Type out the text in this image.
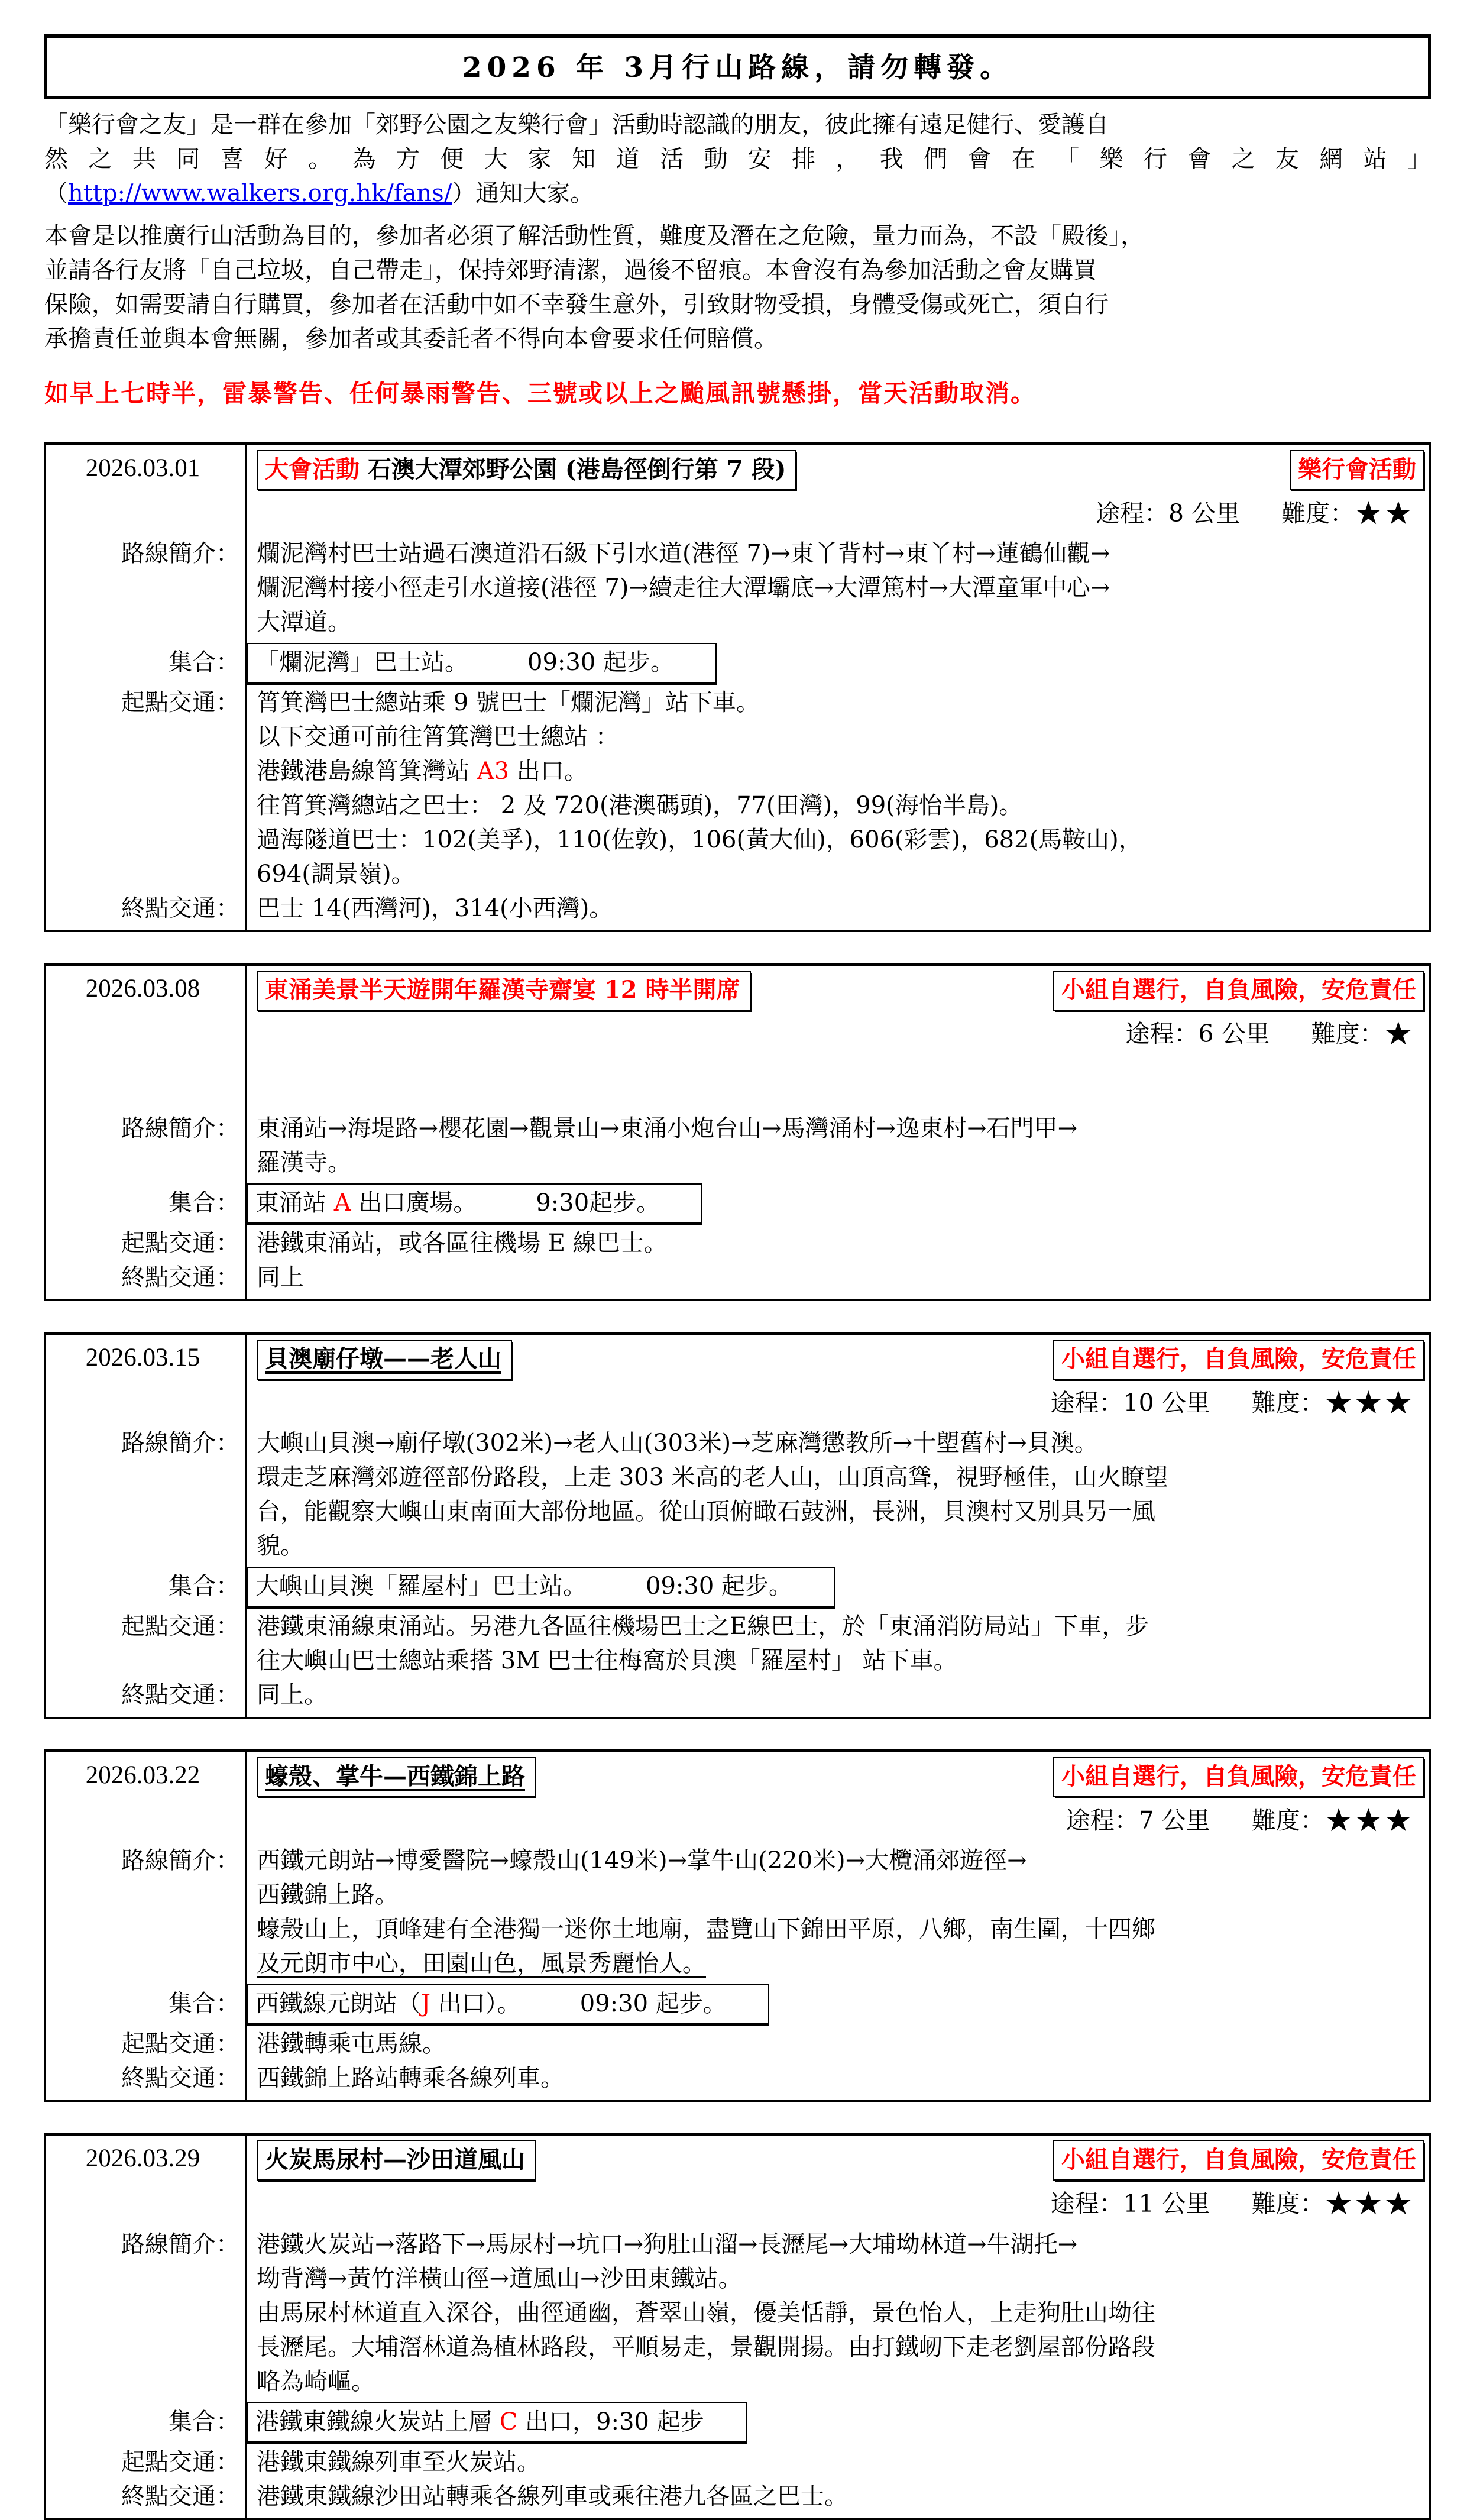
2026 年 3月行山路線，請勿轉發。
「樂行會之友」是一群在參加「郊野公園之友樂行會」活動時認識的朋友，彼此擁有遠足健行、愛護自
然之共同喜好。為方便大家知道活動安排，我們會在「樂行會之友網站」
（http://www.walkers.org.hk/fans/）通知大家。
本會是以推廣行山活動為目的，參加者必須了解活動性質，難度及潛在之危險，量力而為，不設「殿後」，
並請各行友將「自己垃圾，自己帶走」，保持郊野清潔，過後不留痕。本會沒有為參加活動之會友購買
保險，如需要請自行購買，參加者在活動中如不幸發生意外，引致財物受損，身體受傷或死亡，須自行
承擔責任並與本會無關，參加者或其委託者不得向本會要求任何賠償。
如早上七時半，雷暴警告、任何暴雨警告、三號或以上之颱風訊號懸掛，當天活動取消。
2026.03.01	大會活動 石澳大潭郊野公園 (港島徑倒行第 7 段)	樂行會活動
途程：8 公里 難度：★★
路線簡介： 爛泥灣村巴士站過石澳道沿石級下引水道(港徑 7)→東丫背村→東丫村→蓮鶴仙觀→
爛泥灣村接小徑走引水道接(港徑 7)→續走往大潭壩底→大潭篤村→大潭童軍中心→
大潭道。
集合： 「爛泥灣」巴士站。　　　09:30 起步。
起點交通： 筲箕灣巴士總站乘 9 號巴士「爛泥灣」站下車。
以下交通可前往筲箕灣巴士總站 ：
港鐵港島線筲箕灣站 A3 出口。
往筲箕灣總站之巴士： 2 及 720(港澳碼頭)，77(田灣)，99(海怡半島)。
過海隧道巴士：102(美孚)，110(佐敦)，106(黃大仙)，606(彩雲)，682(馬鞍山)，
694(調景嶺)。
終點交通： 巴士 14(西灣河)，314(小西灣)。
2026.03.08	東涌美景半天遊開年羅漢寺齋宴 12 時半開席	小組自選行，自負風險，安危責任
途程：6 公里 難度：★
路線簡介： 東涌站→海堤路→櫻花園→觀景山→東涌小炮台山→馬灣涌村→逸東村→石門甲→
羅漢寺。
集合： 東涌站 A 出口廣場。　　　9:30起步。
起點交通： 港鐵東涌站，或各區往機場 E 線巴士。
終點交通： 同上
2026.03.15	貝澳廟仔墩——老人山	小組自選行，自負風險，安危責任
途程：10 公里 難度：★★★
路線簡介： 大嶼山貝澳→廟仔墩(302米)→老人山(303米)→芝麻灣懲教所→十塱舊村→貝澳。
環走芝麻灣郊遊徑部份路段，上走 303 米高的老人山，山頂高聳，視野極佳，山火瞭望
台，能觀察大嶼山東南面大部份地區。從山頂俯瞰石鼓洲，長洲，貝澳村又別具另一風
貌。
集合： 大嶼山貝澳「羅屋村」巴士站。　　　09:30 起步。
起點交通： 港鐵東涌線東涌站。另港九各區往機場巴士之E線巴士，於「東涌消防局站」下車，步
往大嶼山巴士總站乘搭 3M 巴士往梅窩於貝澳「羅屋村」 站下車。
終點交通： 同上。
2026.03.22	蠔殼、掌牛—西鐵錦上路	小組自選行，自負風險，安危責任
途程：7 公里 難度：★★★
路線簡介： 西鐵元朗站→博愛醫院→蠔殼山(149米)→掌牛山(220米)→大欖涌郊遊徑→
西鐵錦上路。
蠔殼山上，頂峰建有全港獨一迷你土地廟，盡覽山下錦田平原，八鄉，南生圍，十四鄉
及元朗市中心，田園山色，風景秀麗怡人。
集合： 西鐵線元朗站（J 出口）。　　　09:30 起步。
起點交通： 港鐵轉乘屯馬線。
終點交通： 西鐵錦上路站轉乘各線列車。
2026.03.29	火炭馬尿村—沙田道風山	小組自選行，自負風險，安危責任
途程：11 公里 難度：★★★
路線簡介： 港鐵火炭站→落路下→馬尿村→坑口→狗肚山溜→長瀝尾→大埔坳林道→牛湖托→
坳背灣→黃竹洋橫山徑→道風山→沙田東鐵站。
由馬尿村林道直入深谷，曲徑通幽，蒼翠山嶺，優美恬靜，景色怡人，上走狗肚山坳往
長瀝尾。大埔滘林道為植林路段，平順易走，景觀開揚。由打鐵屻下走老劉屋部份路段
略為崎嶇。
集合： 港鐵東鐵線火炭站上層 C 出口，9:30 起步
起點交通： 港鐵東鐵線列車至火炭站。
終點交通： 港鐵東鐵線沙田站轉乘各線列車或乘往港九各區之巴士。
